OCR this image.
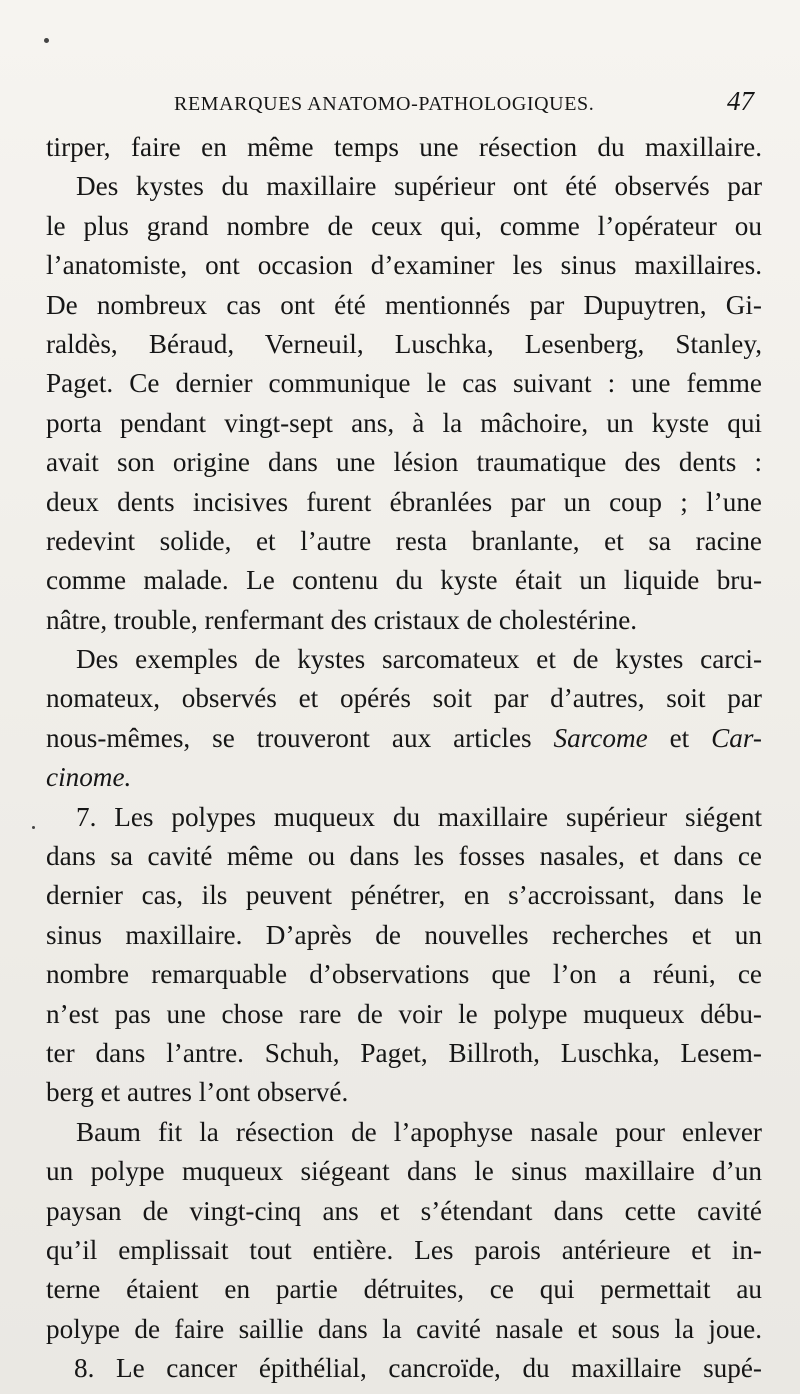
REMARQUES ANATOMO-PATHOLOGIQUES.	47
tirper, faire en même temps une résection du maxillaire.
Des kystes du maxillaire supérieur ont été observés par
le plus grand nombre de ceux qui, comme l’opérateur ou
l’anatomiste, ont occasion d’examiner les sinus maxillaires.
De nombreux cas ont été mentionnés par Dupuytren, Gi-
raldès, Béraud, Verneuil, Luschka, Lesenberg, Stanley,
Paget. Ce dernier communique le cas suivant : une femme
porta pendant vingt-sept ans, à la mâchoire, un kyste qui
avait son origine dans une lésion traumatique des dents :
deux dents incisives furent ébranlées par un coup ; l’une
redevint solide, et l’autre resta branlante, et sa racine
comme malade. Le contenu du kyste était un liquide bru-
nâtre, trouble, renfermant des cristaux de cholestérine.
Des exemples de kystes sarcomateux et de kystes carci-
nomateux, observés et opérés soit par d’autres, soit par
nous-mêmes, se trouveront aux articles Sarcome et Car-
cinome.
7. Les polypes muqueux du maxillaire supérieur siégent
dans sa cavité même ou dans les fosses nasales, et dans ce
dernier cas, ils peuvent pénétrer, en s’accroissant, dans le
sinus maxillaire. D’après de nouvelles recherches et un
nombre remarquable d’observations que l’on a réuni, ce
n’est pas une chose rare de voir le polype muqueux débu-
ter dans l’antre. Schuh, Paget, Billroth, Luschka, Lesem-
berg et autres l’ont observé.
Baum fit la résection de l’apophyse nasale pour enlever
un polype muqueux siégeant dans le sinus maxillaire d’un
paysan de vingt-cinq ans et s’étendant dans cette cavité
qu’il emplissait tout entière. Les parois antérieure et in-
terne étaient en partie détruites, ce qui permettait au
polype de faire saillie dans la cavité nasale et sous la joue.
8. Le cancer épithélial, cancroïde, du maxillaire supé-
